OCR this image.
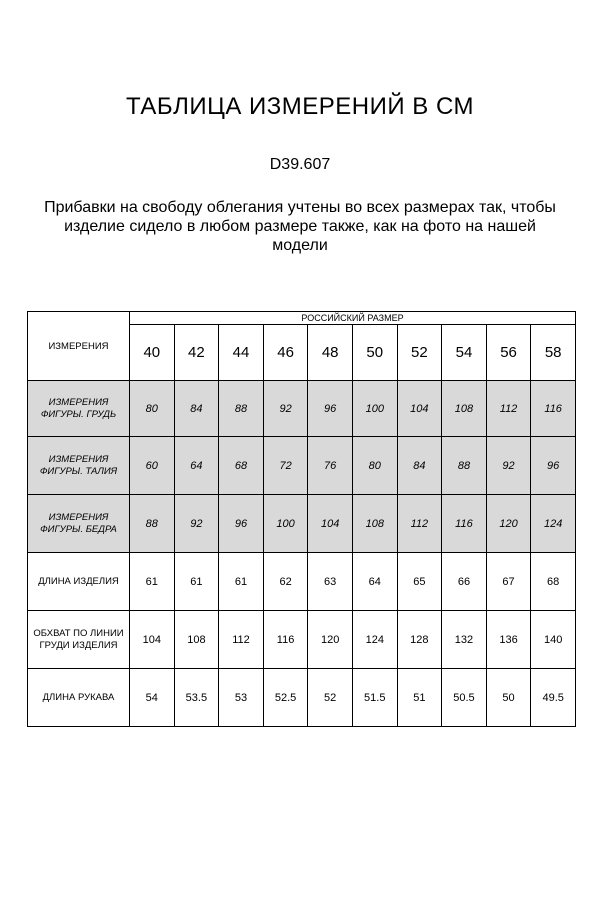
ТАБЛИЦА ИЗМЕРЕНИЙ В СМ
D39.607
Прибавки на свободу облегания учтены во всех размерах так, чтобы изделие сидело в любом размере также, как на фото на нашей модели
ИЗМЕРЕНИЯ	РОССИЙСКИЙ РАЗМЕР									
	40	42	44	46	48	50	52	54	56	58
ИЗМЕРЕНИЯ ФИГУРЫ. ГРУДЬ	80	84	88	92	96	100	104	108	112	116
ИЗМЕРЕНИЯ ФИГУРЫ. ТАЛИЯ	60	64	68	72	76	80	84	88	92	96
ИЗМЕРЕНИЯ ФИГУРЫ. БЕДРА	88	92	96	100	104	108	112	116	120	124
ДЛИНА ИЗДЕЛИЯ	61	61	61	62	63	64	65	66	67	68
ОБХВАТ ПО ЛИНИИ ГРУДИ ИЗДЕЛИЯ	104	108	112	116	120	124	128	132	136	140
ДЛИНА РУКАВА	54	53.5	53	52.5	52	51.5	51	50.5	50	49.5
